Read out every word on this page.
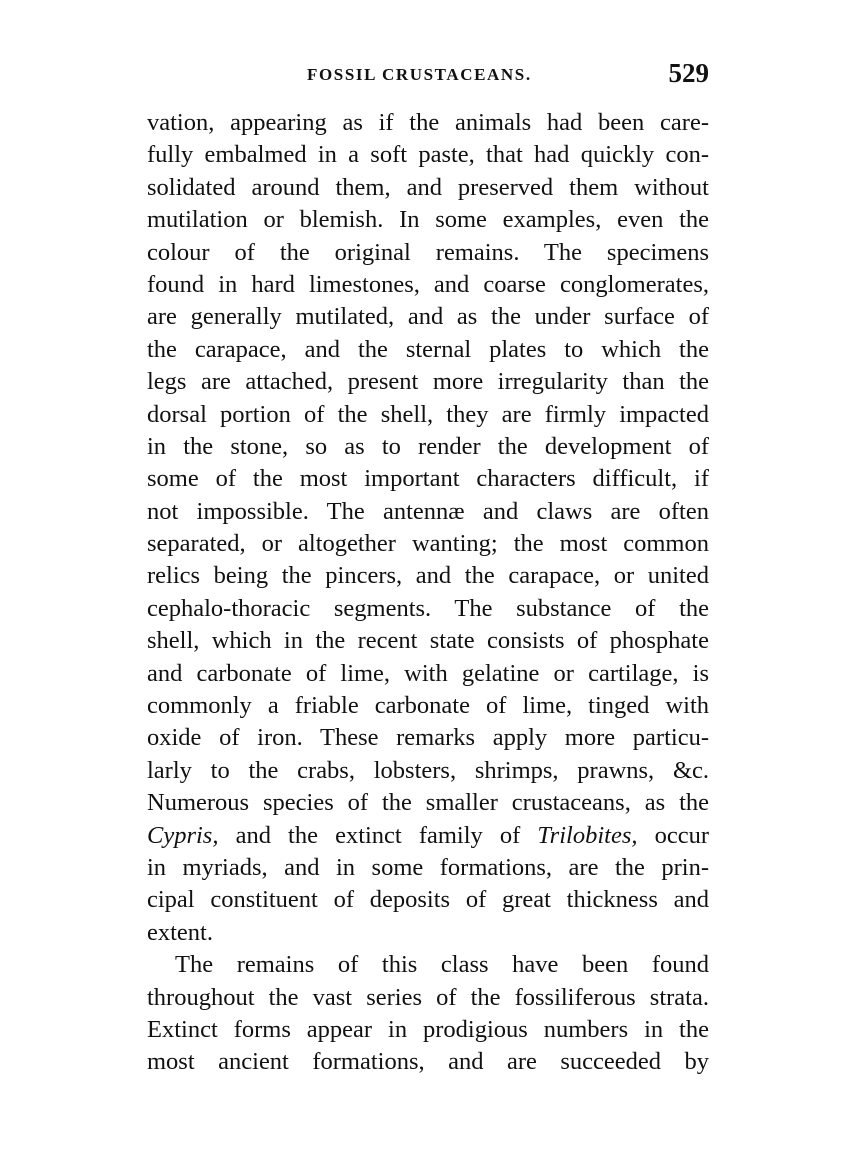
FOSSIL CRUSTACEANS.	529
vation, appearing as if the animals had been care-
fully embalmed in a soft paste, that had quickly con-
solidated around them, and preserved them without
mutilation or blemish. In some examples, even the
colour of the original remains. The specimens
found in hard limestones, and coarse conglomerates,
are generally mutilated, and as the under surface of
the carapace, and the sternal plates to which the
legs are attached, present more irregularity than the
dorsal portion of the shell, they are firmly impacted
in the stone, so as to render the development of
some of the most important characters difficult, if
not impossible. The antennæ and claws are often
separated, or altogether wanting; the most common
relics being the pincers, and the carapace, or united
cephalo-thoracic segments. The substance of the
shell, which in the recent state consists of phosphate
and carbonate of lime, with gelatine or cartilage, is
commonly a friable carbonate of lime, tinged with
oxide of iron. These remarks apply more particu-
larly to the crabs, lobsters, shrimps, prawns, &c.
Numerous species of the smaller crustaceans, as the
Cypris, and the extinct family of Trilobites, occur
in myriads, and in some formations, are the prin-
cipal constituent of deposits of great thickness and
extent.
The remains of this class have been found
throughout the vast series of the fossiliferous strata.
Extinct forms appear in prodigious numbers in the
most ancient formations, and are succeeded by
